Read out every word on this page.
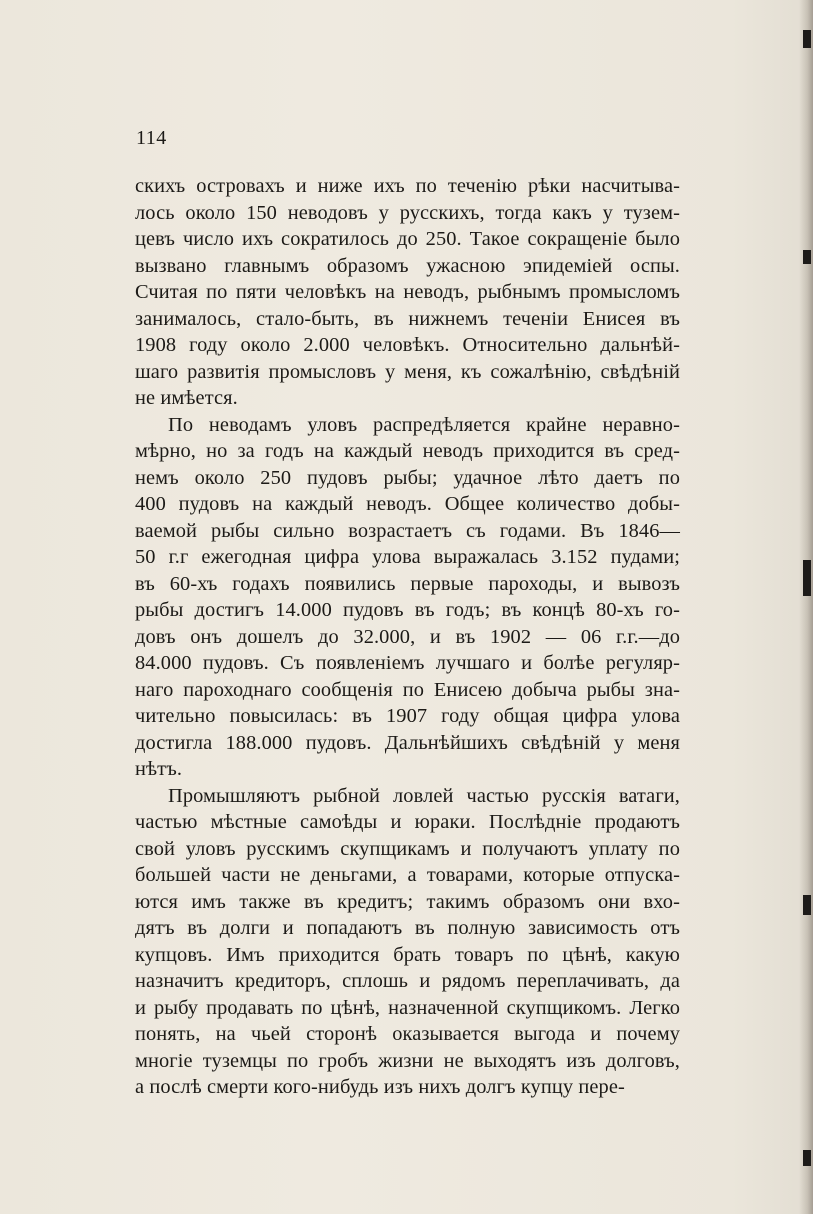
114
скихъ островахъ и ниже ихъ по теченію рѣки насчитыва-
лось около 150 неводовъ у русскихъ, тогда какъ у тузем-
цевъ число ихъ сократилось до 250. Такое сокращеніе было
вызвано главнымъ образомъ ужасною эпидеміей оспы.
Считая по пяти человѣкъ на неводъ, рыбнымъ промысломъ
занималось, стало-быть, въ нижнемъ теченіи Енисея въ
1908 году около 2.000 человѣкъ. Относительно дальнѣй-
шаго развитія промысловъ у меня, къ сожалѣнію, свѣдѣній
не имѣется.
По неводамъ уловъ распредѣляется крайне неравно-
мѣрно, но за годъ на каждый неводъ приходится въ сред-
немъ около 250 пудовъ рыбы; удачное лѣто даетъ по
400 пудовъ на каждый неводъ. Общее количество добы-
ваемой рыбы сильно возрастаетъ съ годами. Въ 1846—
50 г.г ежегодная цифра улова выражалась 3.152 пудами;
въ 60-хъ годахъ появились первые пароходы, и вывозъ
рыбы достигъ 14.000 пудовъ въ годъ; въ концѣ 80-хъ го-
довъ онъ дошелъ до 32.000, и въ 1902 — 06 г.г.—до
84.000 пудовъ. Съ появленіемъ лучшаго и болѣе регуляр-
наго пароходнаго сообщенія по Енисею добыча рыбы зна-
чительно повысилась: въ 1907 году общая цифра улова
достигла 188.000 пудовъ. Дальнѣйшихъ свѣдѣній у меня
нѣтъ.
Промышляютъ рыбной ловлей частью русскія ватаги,
частью мѣстные самоѣды и юраки. Послѣдніе продаютъ
свой уловъ русскимъ скупщикамъ и получаютъ уплату по
большей части не деньгами, а товарами, которые отпуска-
ются имъ также въ кредитъ; такимъ образомъ они вхо-
дятъ въ долги и попадаютъ въ полную зависимость отъ
купцовъ. Имъ приходится брать товаръ по цѣнѣ, какую
назначитъ кредиторъ, сплошь и рядомъ переплачивать, да
и рыбу продавать по цѣнѣ, назначенной скупщикомъ. Легко
понять, на чьей сторонѣ оказывается выгода и почему
многіе туземцы по гробъ жизни не выходятъ изъ долговъ,
а послѣ смерти кого-нибудь изъ нихъ долгъ купцу пере-
